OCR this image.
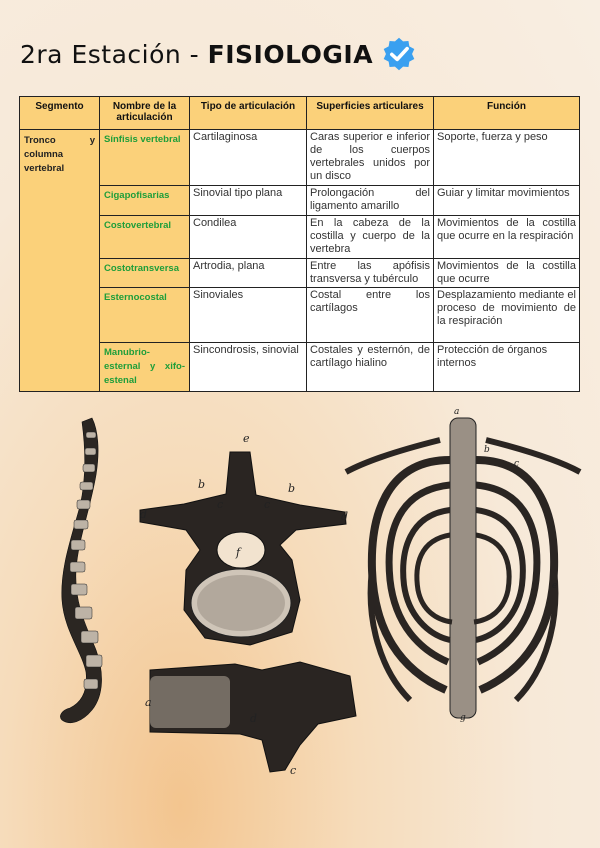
2ra Estación - FISIOLOGIA
Segmento	Nombre de la articulación	Tipo de articulación	Superficies articulares	Función
Tronco y columna vertebral	Sínfisis vertebral	Cartilaginosa	Caras superior e inferior de los cuerpos vertebrales unidos por un disco	Soporte, fuerza y peso
	Cigapofisarias	Sinovial tipo plana	Prolongación del ligamento amarillo	Guiar y limitar movimientos
	Costovertebral	Condilea	En la cabeza de la costilla y cuerpo de la vertebra	Movimientos de la costilla que ocurre en la respiración
	Costotransversa	Artrodia, plana	Entre las apófisis transversa y tubérculo	Movimientos de la costilla que ocurre
	Esternocostal	Sinoviales	Costal entre los cartílagos	Desplazamiento mediante el proceso de movimiento de la respiración
	Manubrio-esternal y xifo-estenal	Sincondrosis, sinovial	Costales y esternón, de cartílago hialino	Protección de órganos internos
e
b	b
c	c
d	d
f
a
d
c
a
b
c
e
g
